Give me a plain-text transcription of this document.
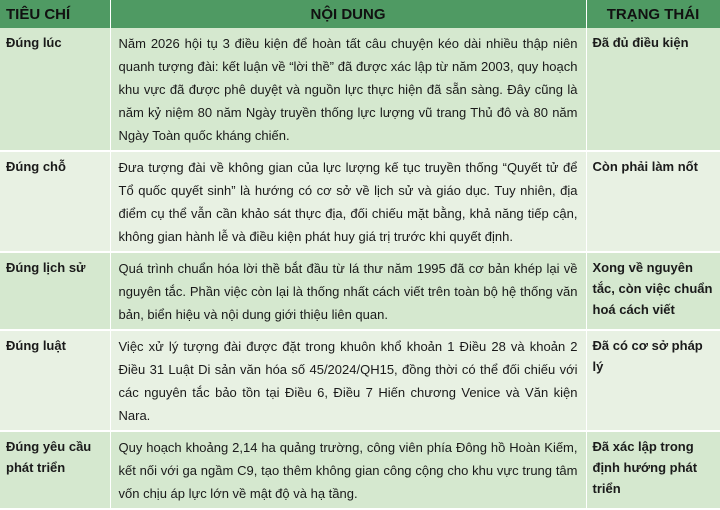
TIÊU CHÍ	NỘI DUNG	TRẠNG THÁI
Đúng lúc	Năm 2026 hội tụ 3 điều kiện để hoàn tất câu chuyện kéo dài nhiều thập niên quanh tượng đài: kết luận về “lời thề” đã được xác lập từ năm 2003, quy hoạch khu vực đã được phê duyệt và nguồn lực thực hiện đã sẵn sàng. Đây cũng là năm kỷ niệm 80 năm Ngày truyền thống lực lượng vũ trang Thủ đô và 80 năm Ngày Toàn quốc kháng chiến.	Đã đủ điều kiện
Đúng chỗ	Đưa tượng đài về không gian của lực lượng kế tục truyền thống “Quyết tử để Tổ quốc quyết sinh” là hướng có cơ sở về lịch sử và giáo dục. Tuy nhiên, địa điểm cụ thể vẫn cần khảo sát thực địa, đối chiếu mặt bằng, khả năng tiếp cận, không gian hành lễ và điều kiện phát huy giá trị trước khi quyết định.	Còn phải làm nốt
Đúng lịch sử	Quá trình chuẩn hóa lời thề bắt đầu từ lá thư năm 1995 đã cơ bản khép lại về nguyên tắc. Phần việc còn lại là thống nhất cách viết trên toàn bộ hệ thống văn bản, biển hiệu và nội dung giới thiệu liên quan.	Xong về nguyên tắc, còn việc chuẩn hoá cách viết
Đúng luật	Việc xử lý tượng đài được đặt trong khuôn khổ khoản 1 Điều 28 và khoản 2 Điều 31 Luật Di sản văn hóa số 45/2024/QH15, đồng thời có thể đối chiếu với các nguyên tắc bảo tồn tại Điều 6, Điều 7 Hiến chương Venice và Văn kiện Nara.	Đã có cơ sở pháp lý
Đúng yêu cầu phát triển	Quy hoạch khoảng 2,14 ha quảng trường, công viên phía Đông hồ Hoàn Kiếm, kết nối với ga ngầm C9, tạo thêm không gian công cộng cho khu vực trung tâm vốn chịu áp lực lớn về mật độ và hạ tầng.	Đã xác lập trong định hướng phát triển
